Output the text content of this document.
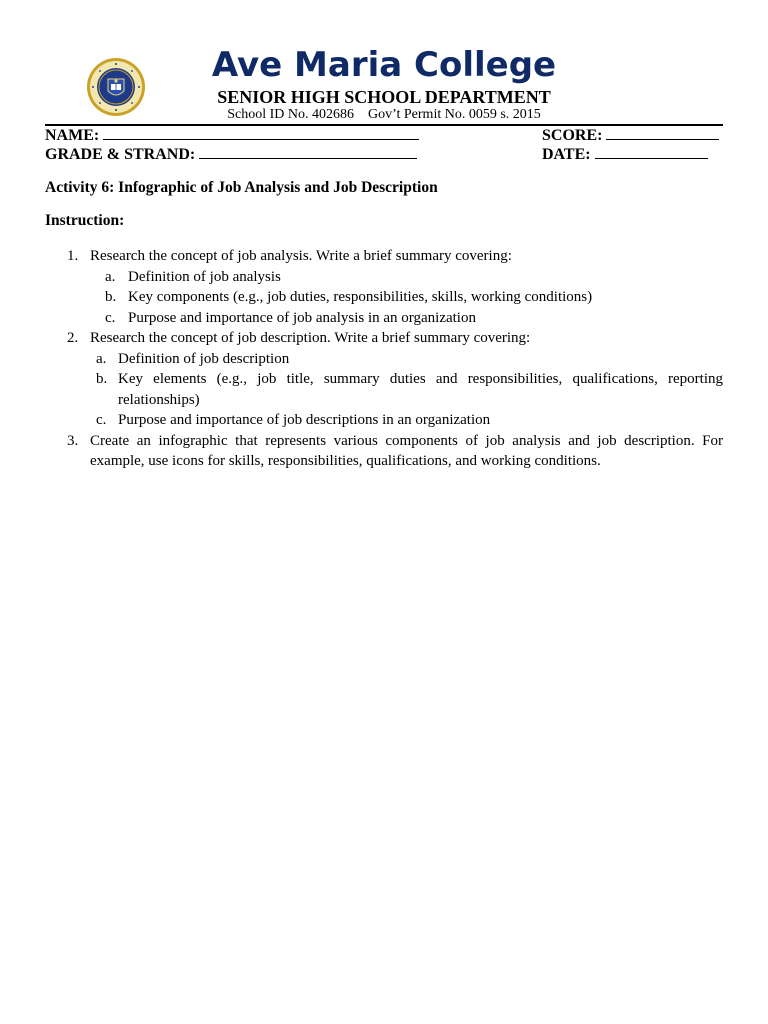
Ave Maria College
SENIOR HIGH SCHOOL DEPARTMENT
School ID No. 402686 Gov’t Permit No. 0059 s. 2015
NAME:
GRADE & STRAND:
SCORE:
DATE:
Activity 6: Infographic of Job Analysis and Job Description
Instruction:
1. Research the concept of job analysis. Write a brief summary covering:
a. Definition of job analysis
b. Key components (e.g., job duties, responsibilities, skills, working conditions)
c. Purpose and importance of job analysis in an organization
2. Research the concept of job description. Write a brief summary covering:
a. Definition of job description
b. Key elements (e.g., job title, summary duties and responsibilities, qualifications, reporting relationships)
c. Purpose and importance of job descriptions in an organization
3. Create an infographic that represents various components of job analysis and job description. For example, use icons for skills, responsibilities, qualifications, and working conditions.
